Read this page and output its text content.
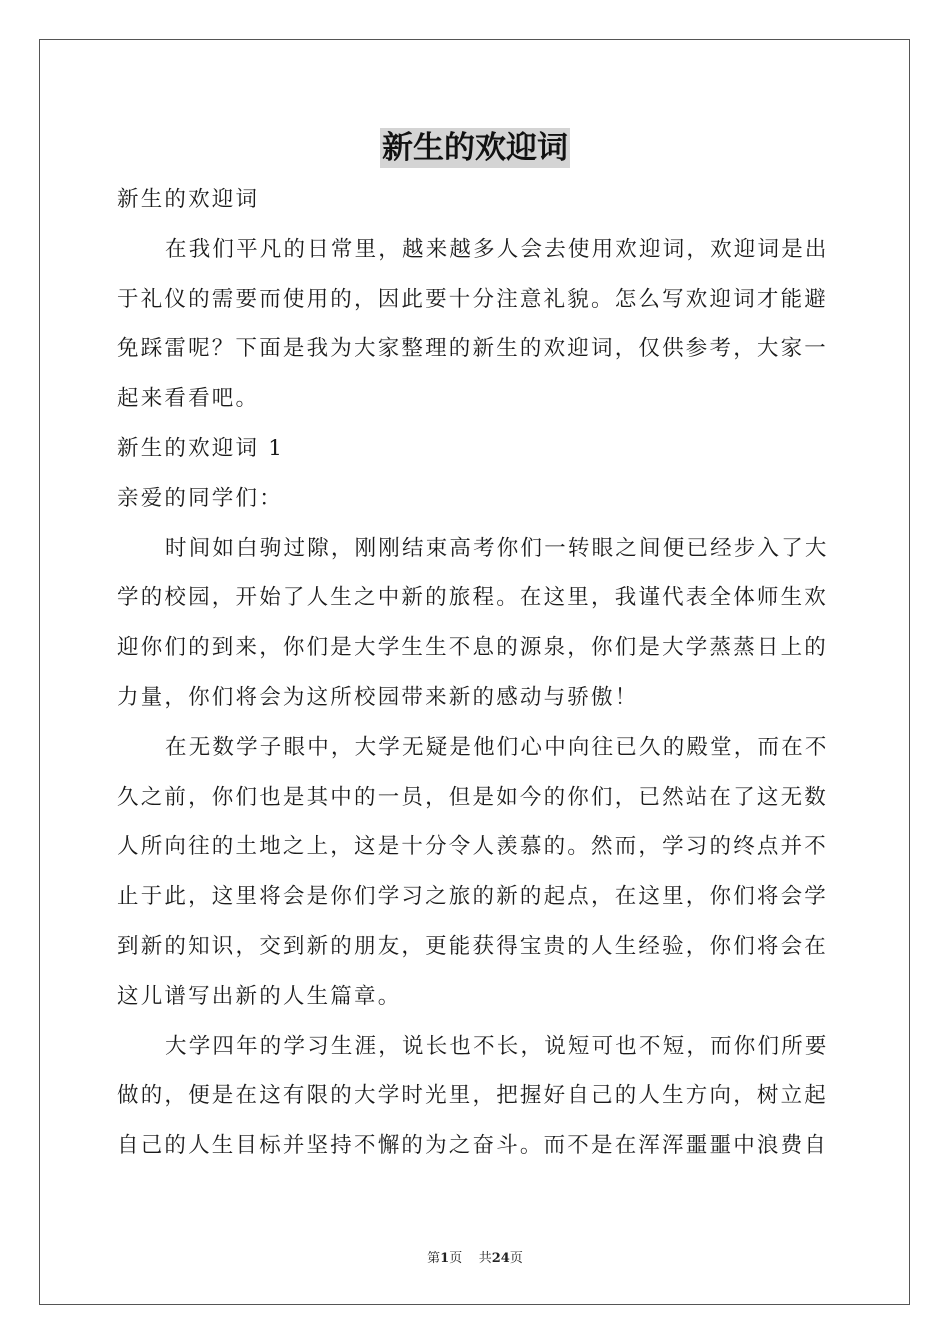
新生的欢迎词
新生的欢迎词
在我们平凡的日常里，越来越多人会去使用欢迎词，欢迎词是出
于礼仪的需要而使用的，因此要十分注意礼貌。怎么写欢迎词才能避
免踩雷呢？下面是我为大家整理的新生的欢迎词，仅供参考，大家一
起来看看吧。
新生的欢迎词 1
亲爱的同学们：
时间如白驹过隙，刚刚结束高考你们一转眼之间便已经步入了大
学的校园，开始了人生之中新的旅程。在这里，我谨代表全体师生欢
迎你们的到来，你们是大学生生不息的源泉，你们是大学蒸蒸日上的
力量，你们将会为这所校园带来新的感动与骄傲！
在无数学子眼中，大学无疑是他们心中向往已久的殿堂，而在不
久之前，你们也是其中的一员，但是如今的你们，已然站在了这无数
人所向往的土地之上，这是十分令人羡慕的。然而，学习的终点并不
止于此，这里将会是你们学习之旅的新的起点，在这里，你们将会学
到新的知识，交到新的朋友，更能获得宝贵的人生经验，你们将会在
这儿谱写出新的人生篇章。
大学四年的学习生涯，说长也不长，说短可也不短，而你们所要
做的，便是在这有限的大学时光里，把握好自己的人生方向，树立起
自己的人生目标并坚持不懈的为之奋斗。而不是在浑浑噩噩中浪费自
第1页 共24页
